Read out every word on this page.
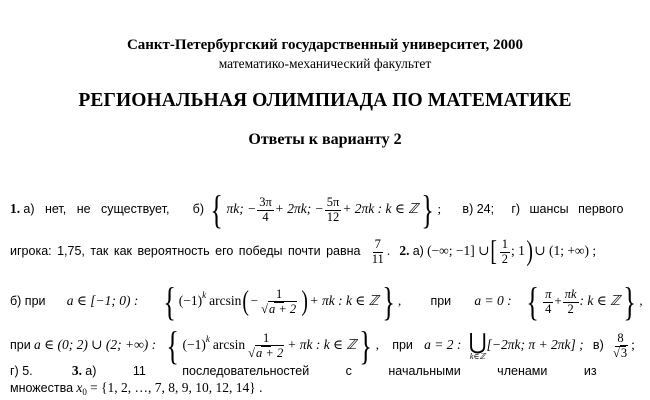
Санкт-Петербургский государственный университет, 2000
математико-механический факультет
РЕГИОНАЛЬНАЯ ОЛИМПИАДА ПО МАТЕМАТИКЕ
Ответы к варианту 2
1. а) нет, не существует, б) { πk; − $\frac{3\pi}{4} + 2\pi k$; − $\frac{5\pi}{12} + 2\pi k$ : k ∈ ℤ} ; в) 24; г) шансы первого
игрока: 1,75, так как вероятность его победы почти равна $\frac{7}{11}$ . 2. а) (−∞; −1] ∪[ $\frac{1}{2}$ ; 1)∪ (1; +∞) ;
б) при a ∈ [−1; 0) : { $(-1)^k$ $\arcsin(- \frac{1}{√a + 2}$ )+ πk : k ∈ ℤ} , при a = 0 : { $\frac{\pi}{4} + \frac{\pi k}{2}$ : k ∈ ℤ} ,
при a ∈ (0; 2) ∪ (2; +∞) : { $(-1)^k$ $\arcsin \frac{1}{√a + 2} + \pi k$ : k ∈ ℤ} , при a = 2 : ⋃
k∈ℤ
[−2πk; π + 2πk] ; $в) \frac{8}{√3}$ ;
г) 5.	3. а) 11 последовательностей с начальными членами из
множества $x_0 = \{1$, 2, …, 7, 8, 9, 10, 12, 14} .
